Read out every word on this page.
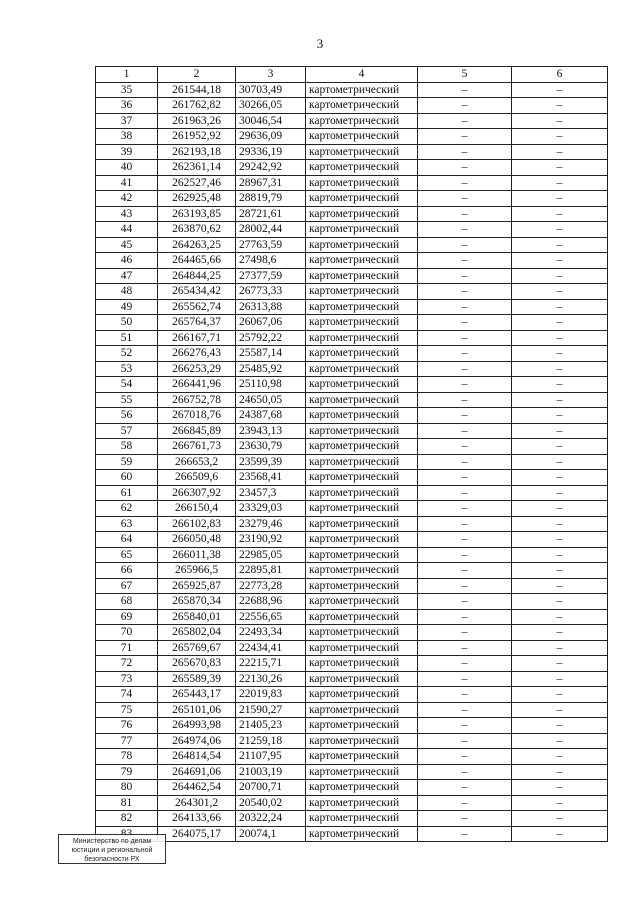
3
1	2	3	4	5	6
35	261544,18	30703,49	картометрический	–	–
36	261762,82	30266,05	картометрический	–	–
37	261963,26	30046,54	картометрический	–	–
38	261952,92	29636,09	картометрический	–	–
39	262193,18	29336,19	картометрический	–	–
40	262361,14	29242,92	картометрический	–	–
41	262527,46	28967,31	картометрический	–	–
42	262925,48	28819,79	картометрический	–	–
43	263193,85	28721,61	картометрический	–	–
44	263870,62	28002,44	картометрический	–	–
45	264263,25	27763,59	картометрический	–	–
46	264465,66	27498,6	картометрический	–	–
47	264844,25	27377,59	картометрический	–	–
48	265434,42	26773,33	картометрический	–	–
49	265562,74	26313,88	картометрический	–	–
50	265764,37	26067,06	картометрический	–	–
51	266167,71	25792,22	картометрический	–	–
52	266276,43	25587,14	картометрический	–	–
53	266253,29	25485,92	картометрический	–	–
54	266441,96	25110,98	картометрический	–	–
55	266752,78	24650,05	картометрический	–	–
56	267018,76	24387,68	картометрический	–	–
57	266845,89	23943,13	картометрический	–	–
58	266761,73	23630,79	картометрический	–	–
59	266653,2	23599,39	картометрический	–	–
60	266509,6	23568,41	картометрический	–	–
61	266307,92	23457,3	картометрический	–	–
62	266150,4	23329,03	картометрический	–	–
63	266102,83	23279,46	картометрический	–	–
64	266050,48	23190,92	картометрический	–	–
65	266011,38	22985,05	картометрический	–	–
66	265966,5	22895,81	картометрический	–	–
67	265925,87	22773,28	картометрический	–	–
68	265870,34	22688,96	картометрический	–	–
69	265840,01	22556,65	картометрический	–	–
70	265802,04	22493,34	картометрический	–	–
71	265769,67	22434,41	картометрический	–	–
72	265670,83	22215,71	картометрический	–	–
73	265589,39	22130,26	картометрический	–	–
74	265443,17	22019,83	картометрический	–	–
75	265101,06	21590,27	картометрический	–	–
76	264993,98	21405,23	картометрический	–	–
77	264974,06	21259,18	картометрический	–	–
78	264814,54	21107,95	картометрический	–	–
79	264691,06	21003,19	картометрический	–	–
80	264462,54	20700,71	картометрический	–	–
81	264301,2	20540,02	картометрический	–	–
82	264133,66	20322,24	картометрический	–	–
	264075,17	20074,1	картометрический	–	–
Министерство по делам
юстиции и региональной
безопасности РХ
